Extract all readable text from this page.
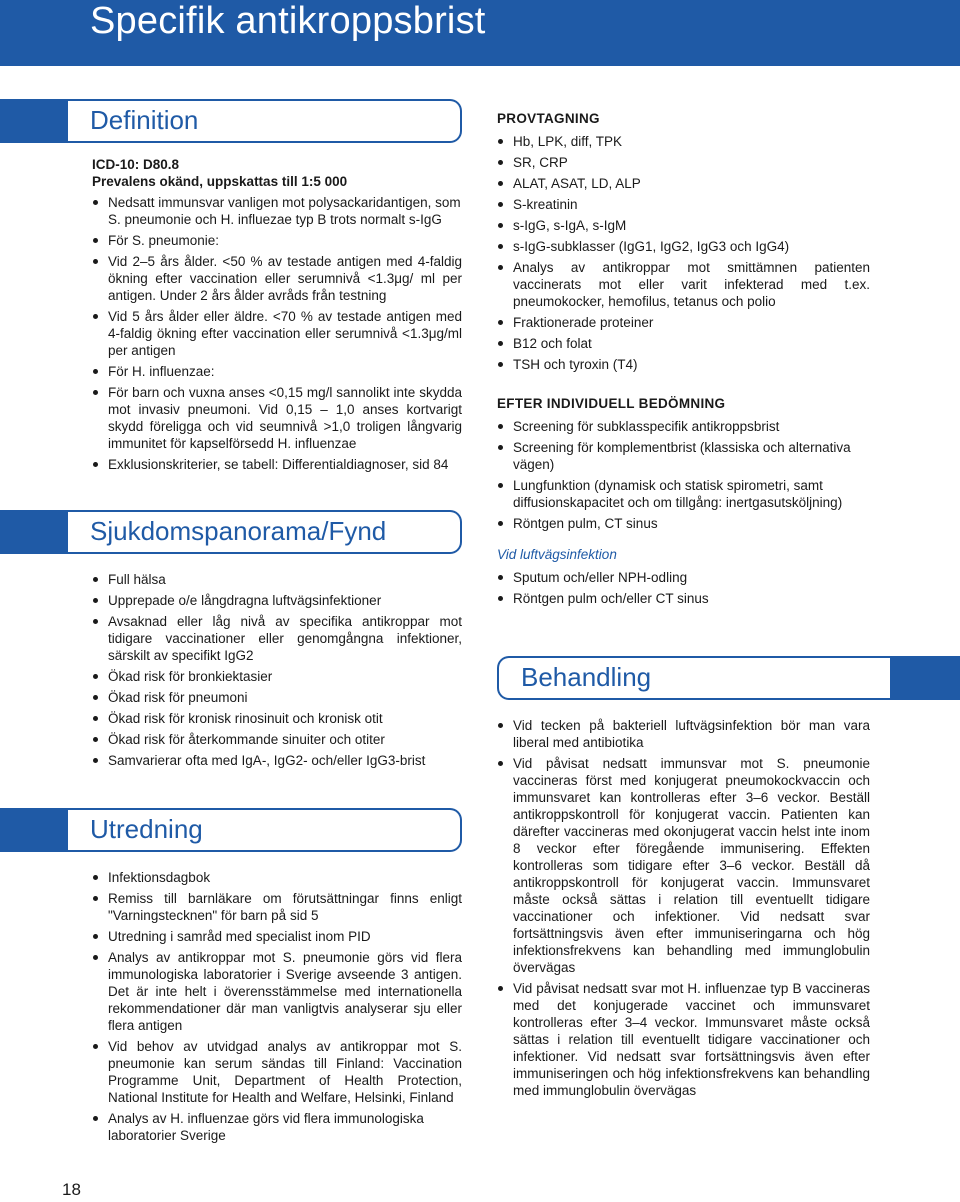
Specifik antikroppsbrist
Definition
Sjukdomspanorama/Fynd
Utredning
Behandling

ICD-10: D80.8

Prevalens okänd, uppskattas till 1:5 000

Nedsatt immunsvar vanligen mot polysackaridantigen, som S. pneumonie och H. influezae typ B trots normalt s-IgG
För S. pneumonie:
Vid 2–5 års ålder. <50 % av testade antigen med 4-faldig ökning efter vaccination eller serumnivå <1.3μg/ ml per antigen. Under 2 års ålder avråds från testning
Vid 5 års ålder eller äldre. <70 % av testade antigen med 4-faldig ökning efter vaccination eller serumnivå <1.3μg/ml per antigen
För H. influenzae:
För barn och vuxna anses <0,15 mg/l sannolikt inte skydda mot invasiv pneumoni. Vid 0,15 – 1,0 anses kortvarigt skydd föreligga och vid seumnivå >1,0 troligen långvarig immunitet för kapselförsedd H. influenzae
Exklusionskriterier, se tabell: Differentialdiagnoser, sid 84
Full hälsa
Upprepade o/e långdragna luftvägsinfektioner
Avsaknad eller låg nivå av specifika antikroppar mot tidigare vaccinationer eller genomgångna infektioner, särskilt av specifikt IgG2
Ökad risk för bronkiektasier
Ökad risk för pneumoni
Ökad risk för kronisk rinosinuit och kronisk otit
Ökad risk för återkommande sinuiter och otiter
Samvarierar ofta med IgA-, IgG2- och/eller IgG3-brist
Infektionsdagbok
Remiss till barnläkare om förutsättningar finns enligt "Varningstecknen" för barn på sid 5
Utredning i samråd med specialist inom PID
Analys av antikroppar mot S. pneumonie görs vid flera immunologiska laboratorier i Sverige avseende 3 antigen. Det är inte helt i överensstämmelse med internationella rekommendationer där man vanligtvis analyserar sju eller flera antigen
Vid behov av utvidgad analys av antikroppar mot S. pneumonie kan serum sändas till Finland: Vaccination Programme Unit, Department of Health Protection, National Institute for Health and Welfare, Helsinki, Finland
Analys av H. influenzae görs vid flera immunologiska laboratorier Sverige

PROVTAGNING

Hb, LPK, diff, TPK
SR, CRP
ALAT, ASAT, LD, ALP
S-kreatinin
s-IgG, s-IgA, s-IgM
s-IgG-subklasser (IgG1, IgG2, IgG3 och IgG4)
Analys av antikroppar mot smittämnen patienten vaccinerats mot eller varit infekterad med t.ex. pneumokocker, hemofilus, tetanus och polio
Fraktionerade proteiner
B12 och folat
TSH och tyroxin (T4)

EFTER INDIVIDUELL BEDÖMNING

Screening för subklasspecifik antikroppsbrist
Screening för komplementbrist (klassiska och alternativa vägen)
Lungfunktion (dynamisk och statisk spirometri, samt diffusionskapacitet och om tillgång: inertgasutsköljning)
Röntgen pulm, CT sinus

Vid luftvägsinfektion

Sputum och/eller NPH-odling
Röntgen pulm och/eller CT sinus
Vid tecken på bakteriell luftvägsinfektion bör man vara liberal med antibiotika
Vid påvisat nedsatt immunsvar mot S. pneumonie vaccineras först med konjugerat pneumokockvaccin och immunsvaret kan kontrolleras efter 3–6 veckor. Beställ antikroppskontroll för konjugerat vaccin. Patienten kan därefter vaccineras med okonjugerat vaccin helst inte inom 8 veckor efter föregående immunisering. Effekten kontrolleras som tidigare efter 3–6 veckor. Beställ då antikroppskontroll för konjugerat vaccin. Immunsvaret måste också sättas i relation till eventuellt tidigare vaccinationer och infektioner. Vid nedsatt svar fortsättningsvis även efter immuniseringarna och hög infektionsfrekvens kan behandling med immunglobulin övervägas
Vid påvisat nedsatt svar mot H. influenzae typ B vaccineras med det konjugerade vaccinet och immunsvaret kontrolleras efter 3–4 veckor. Immunsvaret måste också sättas i relation till eventuellt tidigare vaccinationer och infektioner. Vid nedsatt svar fortsättningsvis även efter immuniseringen och hög infektionsfrekvens kan behandling med immunglobulin övervägas
18
